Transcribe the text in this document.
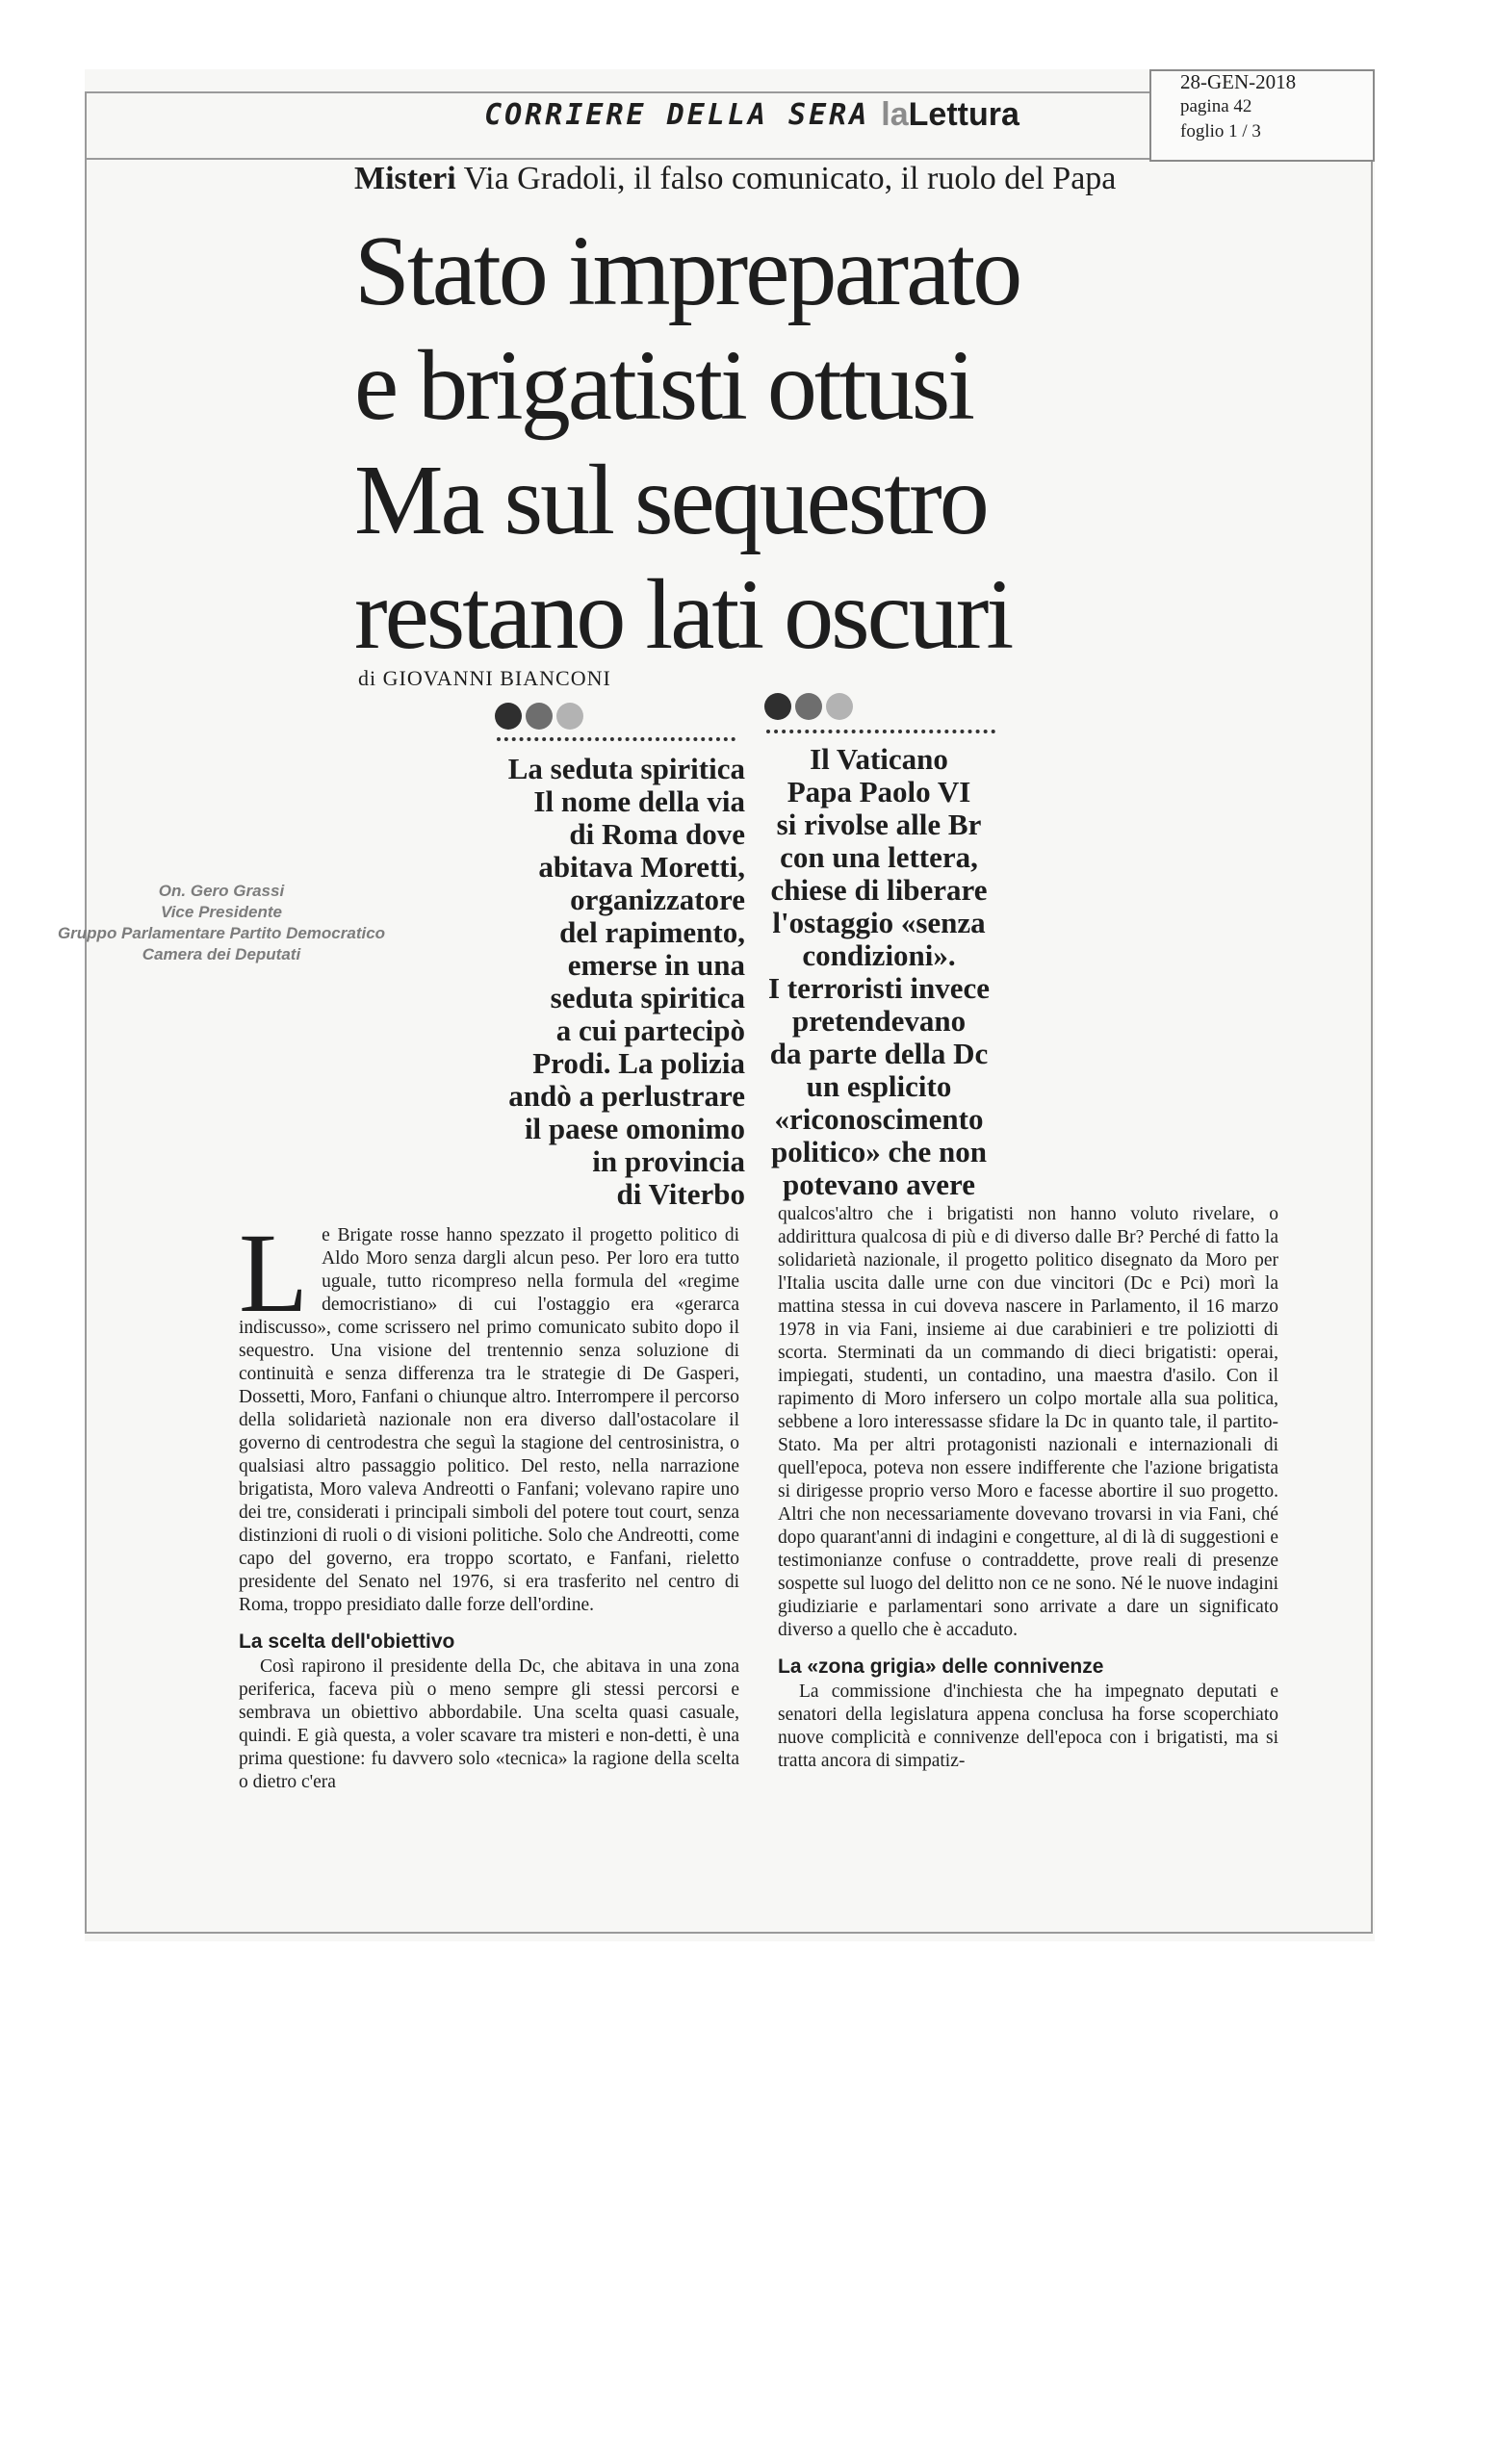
CORRIERE DELLA SERA laLettura
28-GEN-2018
pagina 42
foglio 1 / 3
Misteri Via Gradoli, il falso comunicato, il ruolo del Papa
Stato impreparato
e brigatisti ottusi
Ma sul sequestro
restano lati oscuri
di GIOVANNI BIANCONI
La seduta spiritica
Il nome della via
di Roma dove
abitava Moretti,
organizzatore
del rapimento,
emerse in una
seduta spiritica
a cui partecipò
Prodi. La polizia
andò a perlustrare
il paese omonimo
in provincia
di Viterbo
Il Vaticano
Papa Paolo VI
si rivolse alle Br
con una lettera,
chiese di liberare
l'ostaggio «senza
condizioni».
I terroristi invece
pretendevano
da parte della Dc
un esplicito
«riconoscimento
politico» che non
potevano avere

Le Brigate rosse hanno spezzato il progetto politico di Aldo Moro senza dargli alcun peso. Per loro era tutto uguale, tutto ricompreso nella formula del «regime democristiano» di cui l'ostaggio era «gerarca indiscusso», come scrissero nel primo comunicato subito dopo il sequestro. Una visione del trentennio senza soluzione di continuità e senza differenza tra le strategie di De Gasperi, Dossetti, Moro, Fanfani o chiunque altro. Interrompere il percorso della solidarietà nazionale non era diverso dall'ostacolare il governo di centrodestra che seguì la stagione del centrosinistra, o qualsiasi altro passaggio politico. Del resto, nella narrazione brigatista, Moro valeva Andreotti o Fanfani; volevano rapire uno dei tre, considerati i principali simboli del potere tout court, senza distinzioni di ruoli o di visioni politiche. Solo che Andreotti, come capo del governo, era troppo scortato, e Fanfani, rieletto presidente del Senato nel 1976, si era trasferito nel centro di Roma, troppo presidiato dalle forze dell'ordine.

La scelta dell'obiettivo

Così rapirono il presidente della Dc, che abitava in una zona periferica, faceva più o meno sempre gli stessi percorsi e sembrava un obiettivo abbordabile. Una scelta quasi casuale, quindi. E già questa, a voler scavare tra misteri e non-detti, è una prima questione: fu davvero solo «tecnica» la ragione della scelta o dietro c'era

qualcos'altro che i brigatisti non hanno voluto rivelare, o addirittura qualcosa di più e di diverso dalle Br? Perché di fatto la solidarietà nazionale, il progetto politico disegnato da Moro per l'Italia uscita dalle urne con due vincitori (Dc e Pci) morì la mattina stessa in cui doveva nascere in Parlamento, il 16 marzo 1978 in via Fani, insieme ai due carabinieri e tre poliziotti di scorta. Sterminati da un commando di dieci brigatisti: operai, impiegati, studenti, un contadino, una maestra d'asilo. Con il rapimento di Moro infersero un colpo mortale alla sua politica, sebbene a loro interessasse sfidare la Dc in quanto tale, il partito-Stato. Ma per altri protagonisti nazionali e internazionali di quell'epoca, poteva non essere indifferente che l'azione brigatista si dirigesse proprio verso Moro e facesse abortire il suo progetto. Altri che non necessariamente dovevano trovarsi in via Fani, ché dopo quarant'anni di indagini e congetture, al di là di suggestioni e testimonianze confuse o contraddette, prove reali di presenze sospette sul luogo del delitto non ce ne sono. Né le nuove indagini giudiziarie e parlamentari sono arrivate a dare un significato diverso a quello che è accaduto.

La «zona grigia» delle connivenze

La commissione d'inchiesta che ha impegnato deputati e senatori della legislatura appena conclusa ha forse scoperchiato nuove complicità e connivenze dell'epoca con i brigatisti, ma si tratta ancora di simpatiz-

On. Gero Grassi
Vice Presidente
Gruppo Parlamentare Partito Democratico
Camera dei Deputati
